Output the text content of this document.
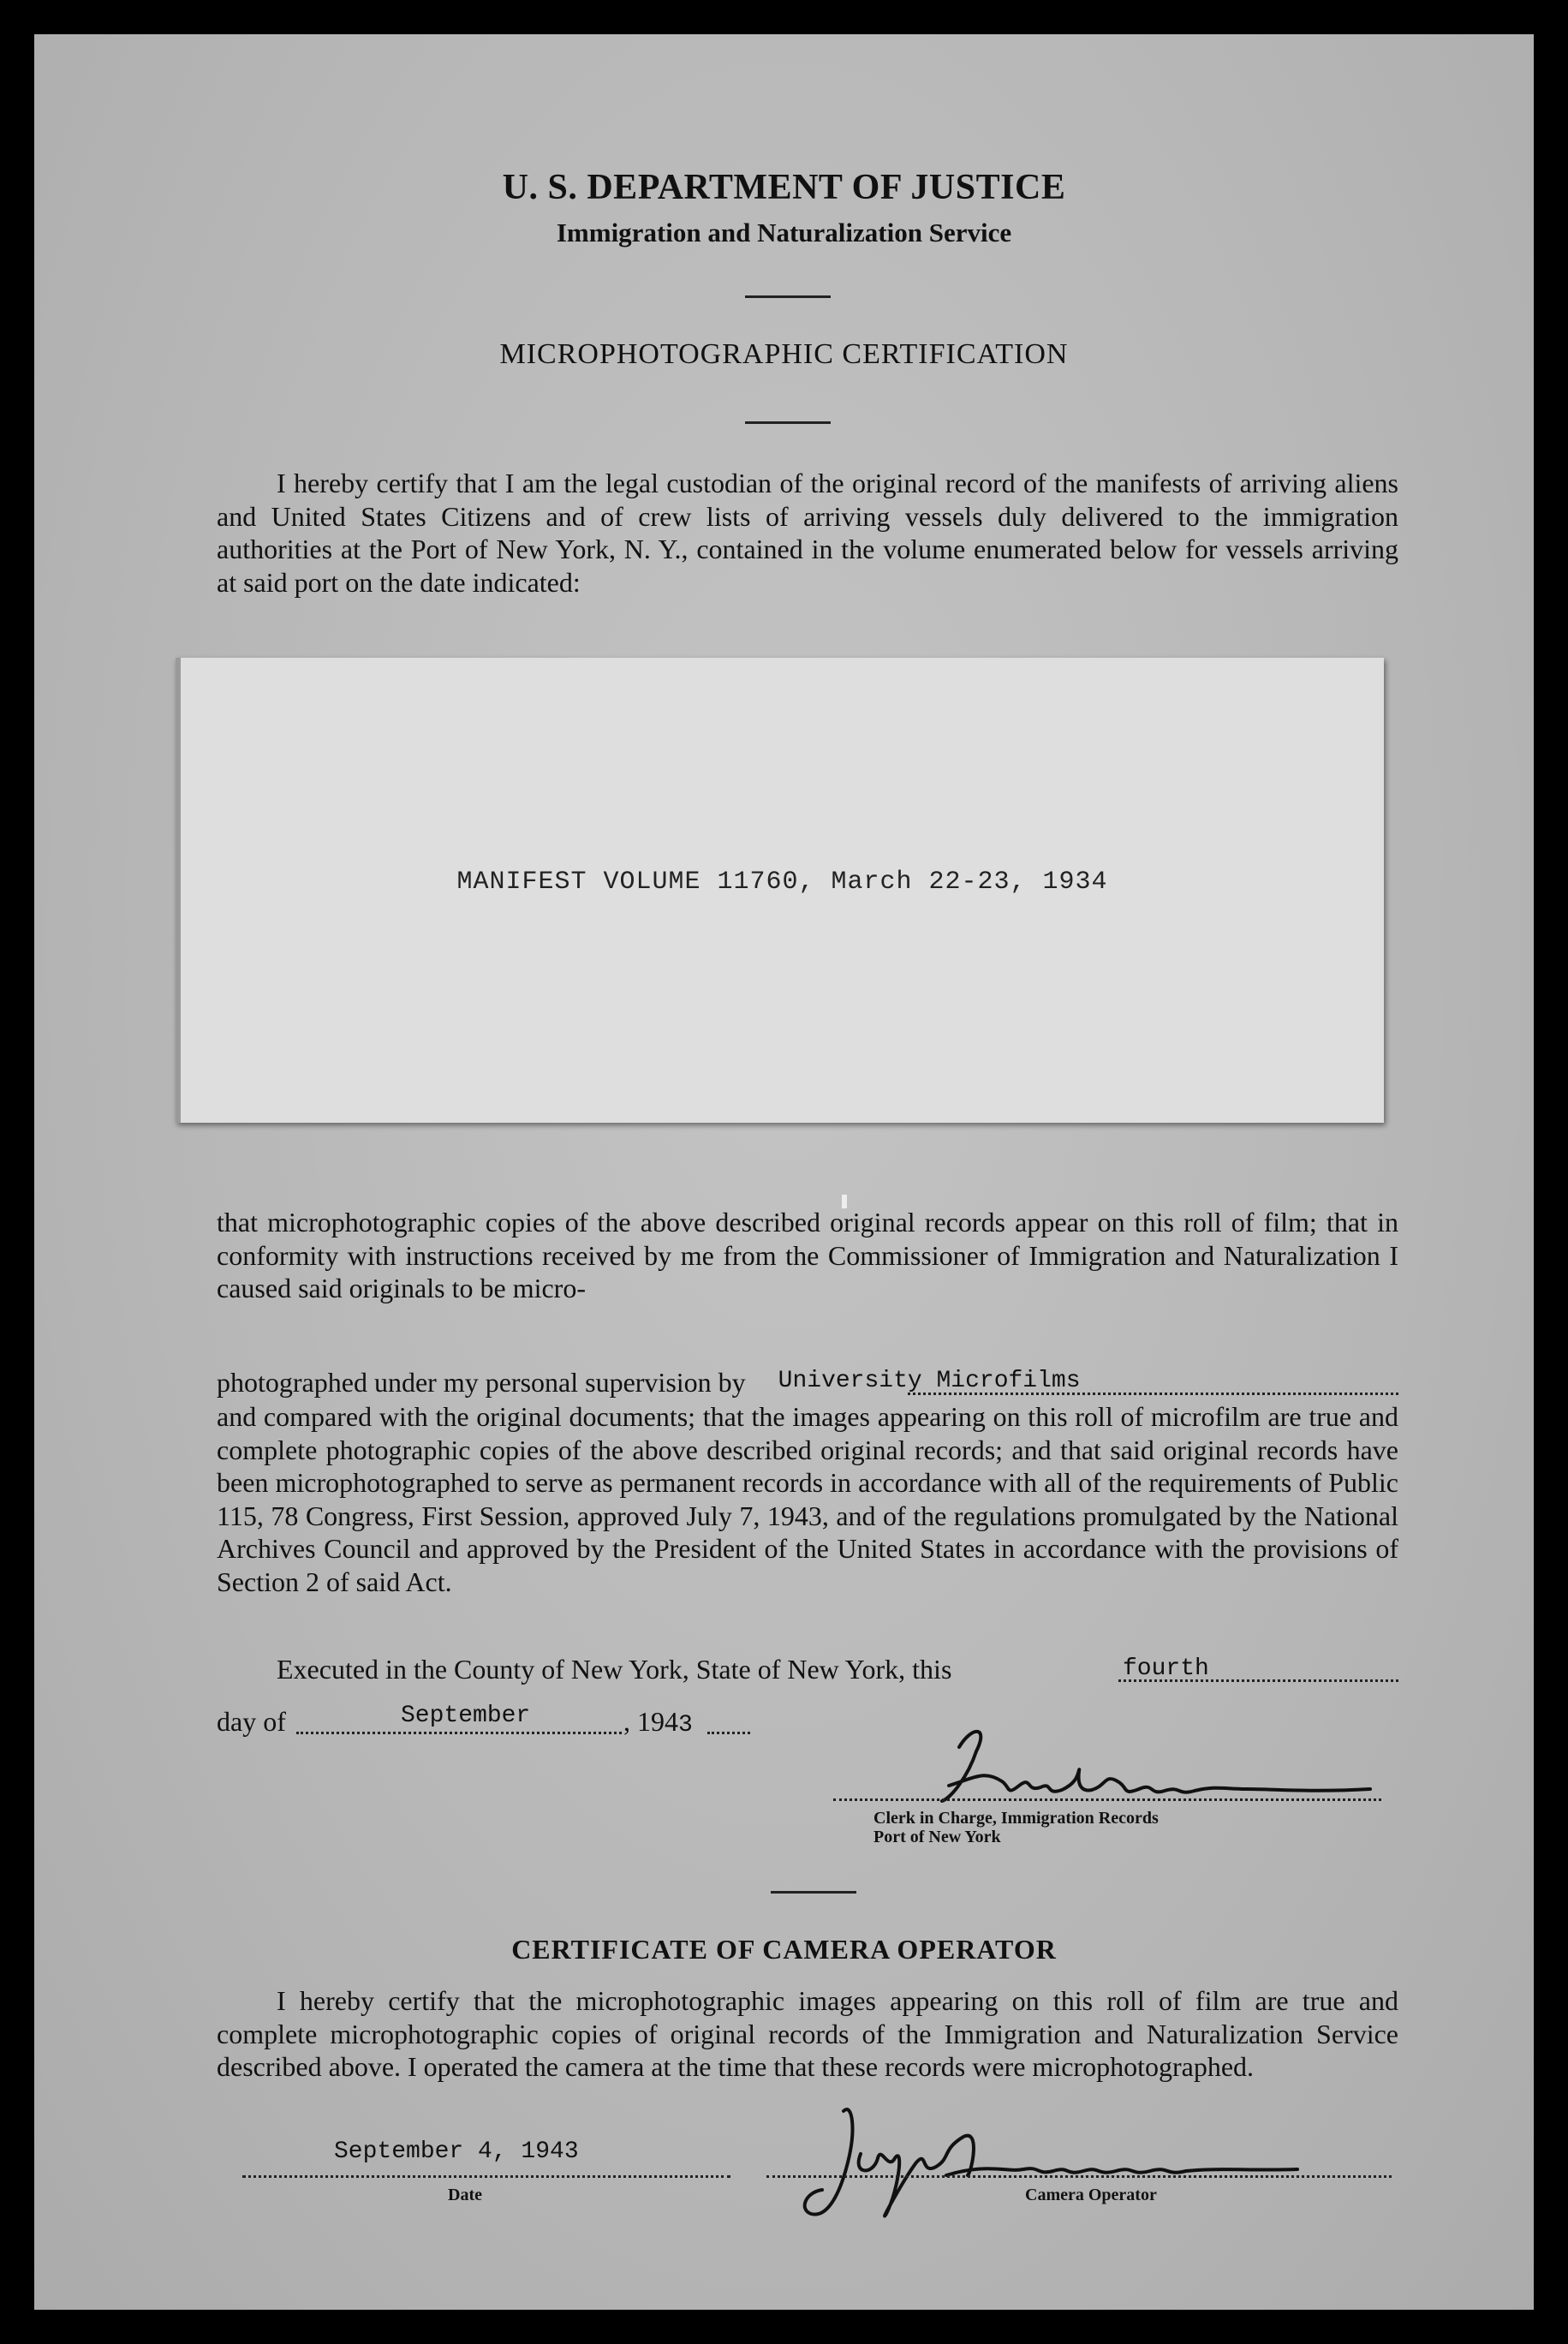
U. S. DEPARTMENT OF JUSTICE
Immigration and Naturalization Service
MICROPHOTOGRAPHIC CERTIFICATION
I hereby certify that I am the legal custodian of the original record of the manifests of arriving aliens and United States Citizens and of crew lists of arriving vessels duly delivered to the immigration authorities at the Port of New York, N. Y., contained in the volume enumerated below for vessels arriving at said port on the date indicated:
MANIFEST VOLUME 11760, March 22-23, 1934
that microphotographic copies of the above described original records appear on this roll of film; that in conformity with instructions received by me from the Commissioner of Immigration and Naturalization I caused said originals to be micro-
photographed under my personal supervision by University Microfilms
and compared with the original documents; that the images appearing on this roll of microfilm are true and complete photographic copies of the above described original records; and that said original records have been microphotographed to serve as permanent records in accordance with all of the requirements of Public 115, 78 Congress, First Session, approved July 7, 1943, and of the regulations promulgated by the National Archives Council and approved by the President of the United States in accordance with the provisions of Section 2 of said Act.
Executed in the County of New York, State of New York, this	fourth
day of	September	, 1943
Clerk in Charge, Immigration Records
Port of New York
CERTIFICATE OF CAMERA OPERATOR
I hereby certify that the microphotographic images appearing on this roll of film are true and complete microphotographic copies of original records of the Immigration and Naturalization Service described above. I operated the camera at the time that these records were microphotographed.
September 4, 1943
Date	Camera Operator
